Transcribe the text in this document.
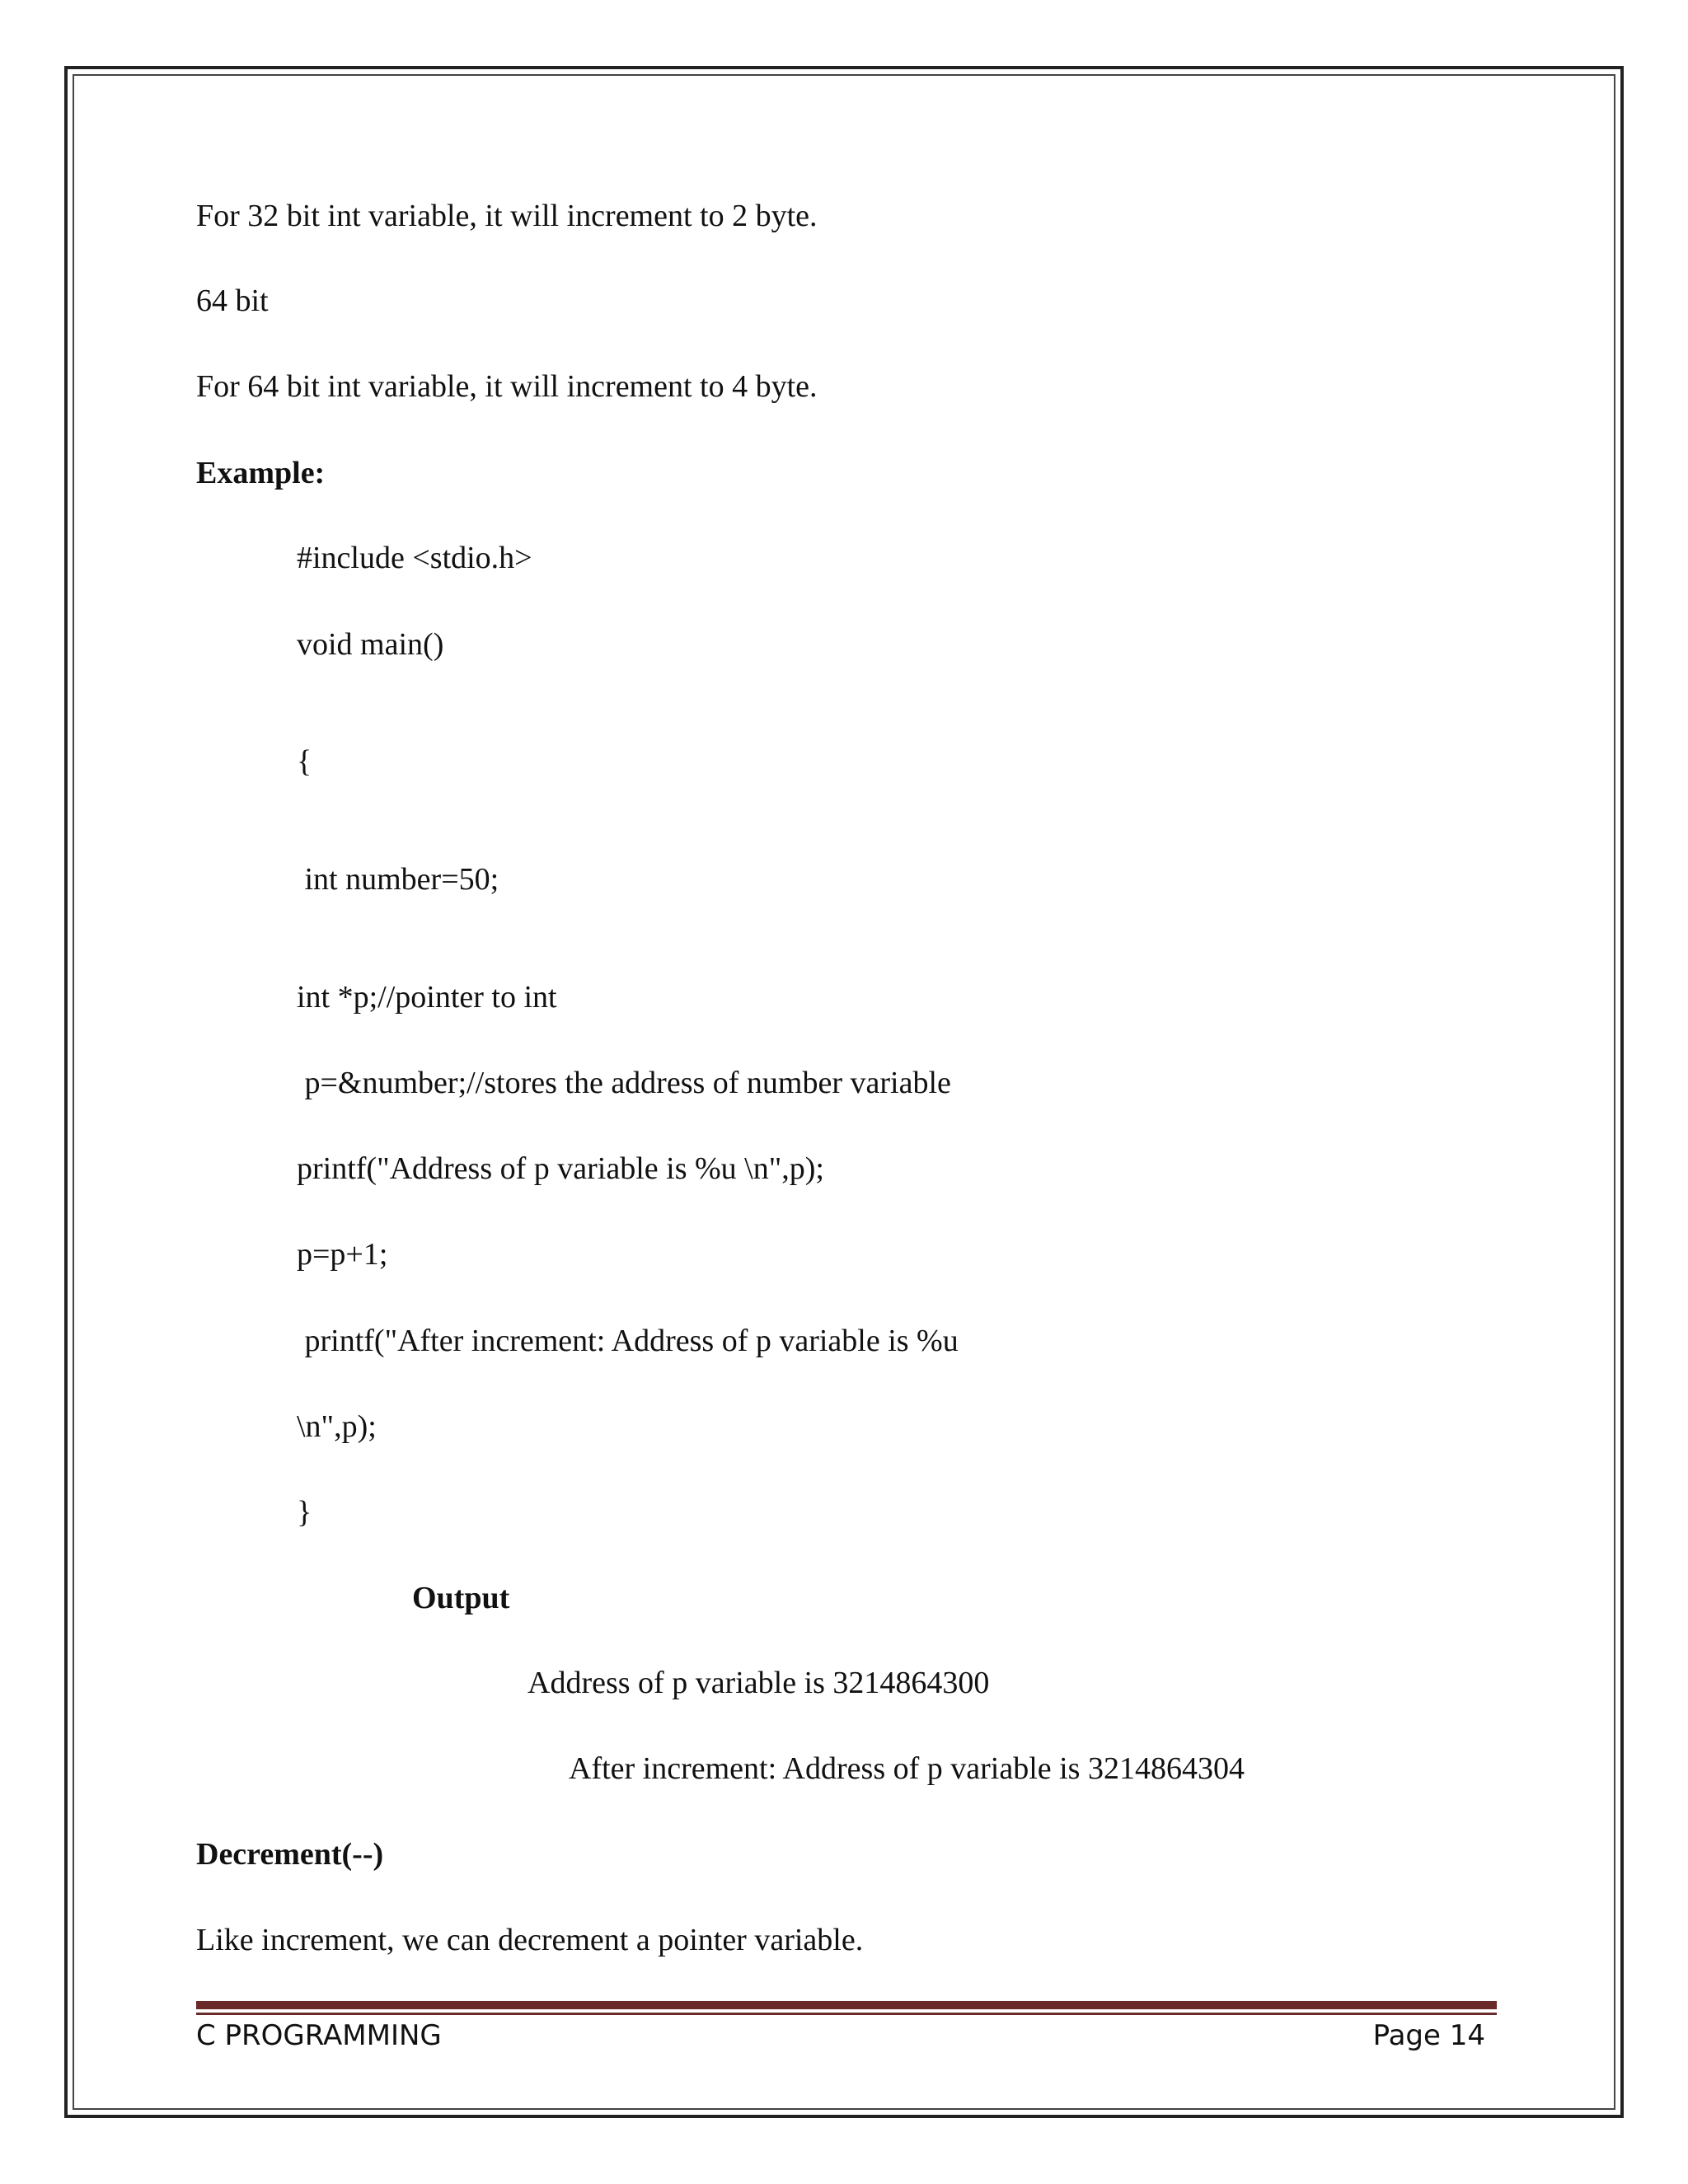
For 32 bit int variable, it will increment to 2 byte.
64 bit
For 64 bit int variable, it will increment to 4 byte.
Example:
#include <stdio.h>
void main()
{
int number=50;
int *p;//pointer to int
p=&number;//stores the address of number variable
printf("Address of p variable is %u \n",p);
p=p+1;
printf("After increment: Address of p variable is %u
\n",p);
}
Output
Address of p variable is 3214864300
After increment: Address of p variable is 3214864304
Decrement(--)
Like increment, we can decrement a pointer variable.
C PROGRAMMING	Page 14
